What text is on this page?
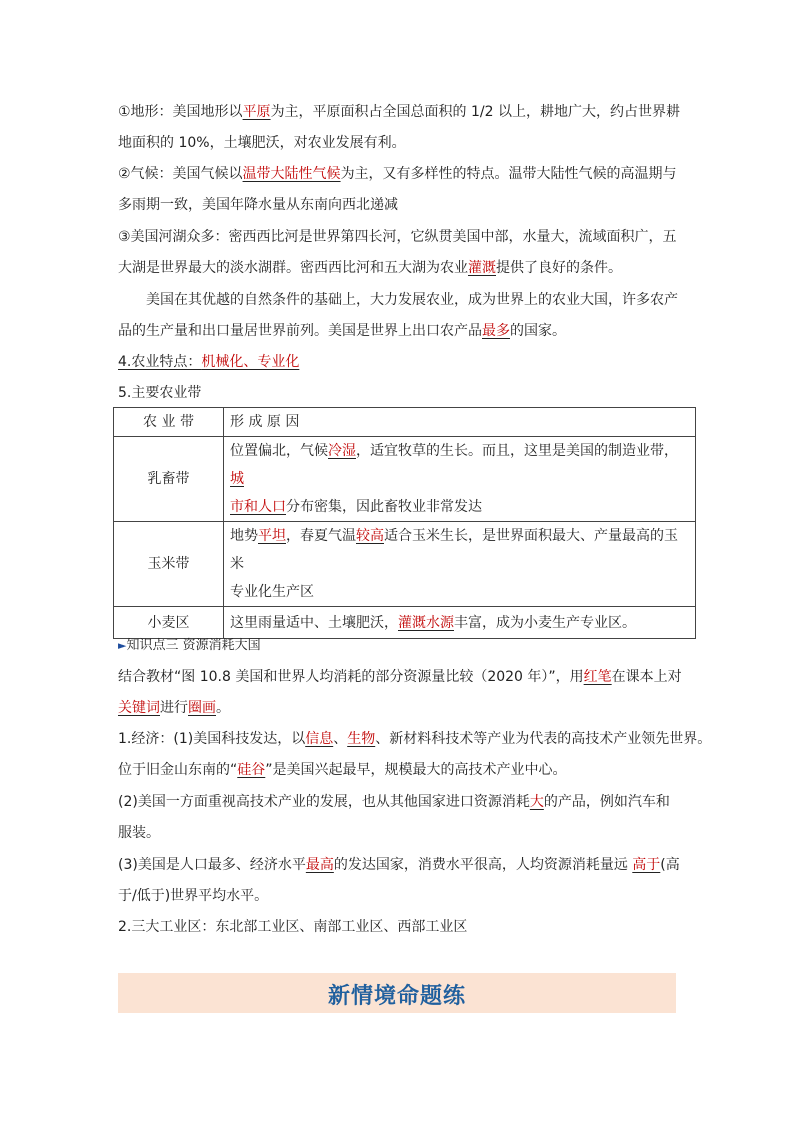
①地形：美国地形以平原为主，平原面积占全国总面积的 1/2 以上，耕地广大，约占世界耕
地面积的 10%，土壤肥沃，对农业发展有利。
②气候：美国气候以温带大陆性气候为主，又有多样性的特点。温带大陆性气候的高温期与
多雨期一致，美国年降水量从东南向西北递减
③美国河湖众多：密西西比河是世界第四长河，它纵贯美国中部，水量大，流域面积广，五
大湖是世界最大的淡水湖群。密西西比河和五大湖为农业灌溉提供了良好的条件。
美国在其优越的自然条件的基础上，大力发展农业，成为世界上的农业大国，许多农产
品的生产量和出口量居世界前列。美国是世界上出口农产品最多的国家。
4.农业特点：机械化、专业化
5.主要农业带
农 业 带	形 成 原 因
乳畜带	位置偏北，气候冷湿，适宜牧草的生长。而且，这里是美国的制造业带，城
市和人口分布密集，因此畜牧业非常发达
玉米带	地势平坦，春夏气温较高适合玉米生长，是世界面积最大、产量最高的玉米
专业化生产区
小麦区	这里雨量适中、土壤肥沃，灌溉水源丰富，成为小麦生产专业区。
►知识点三 资源消耗大国
结合教材“图 10.8 美国和世界人均消耗的部分资源量比较（2020 年）”，用红笔在课本上对
关键词进行圈画。
1.经济：(1)美国科技发达，以信息、生物、新材料科技术等产业为代表的高技术产业领先世界。
位于旧金山东南的“硅谷”是美国兴起最早，规模最大的高技术产业中心。
(2)美国一方面重视高技术产业的发展，也从其他国家进口资源消耗大的产品，例如汽车和
服装。
(3)美国是人口最多、经济水平最高的发达国家，消费水平很高，人均资源消耗量远 高于(高
于/低于)世界平均水平。
2.三大工业区：东北部工业区、南部工业区、西部工业区
新情境命题练
